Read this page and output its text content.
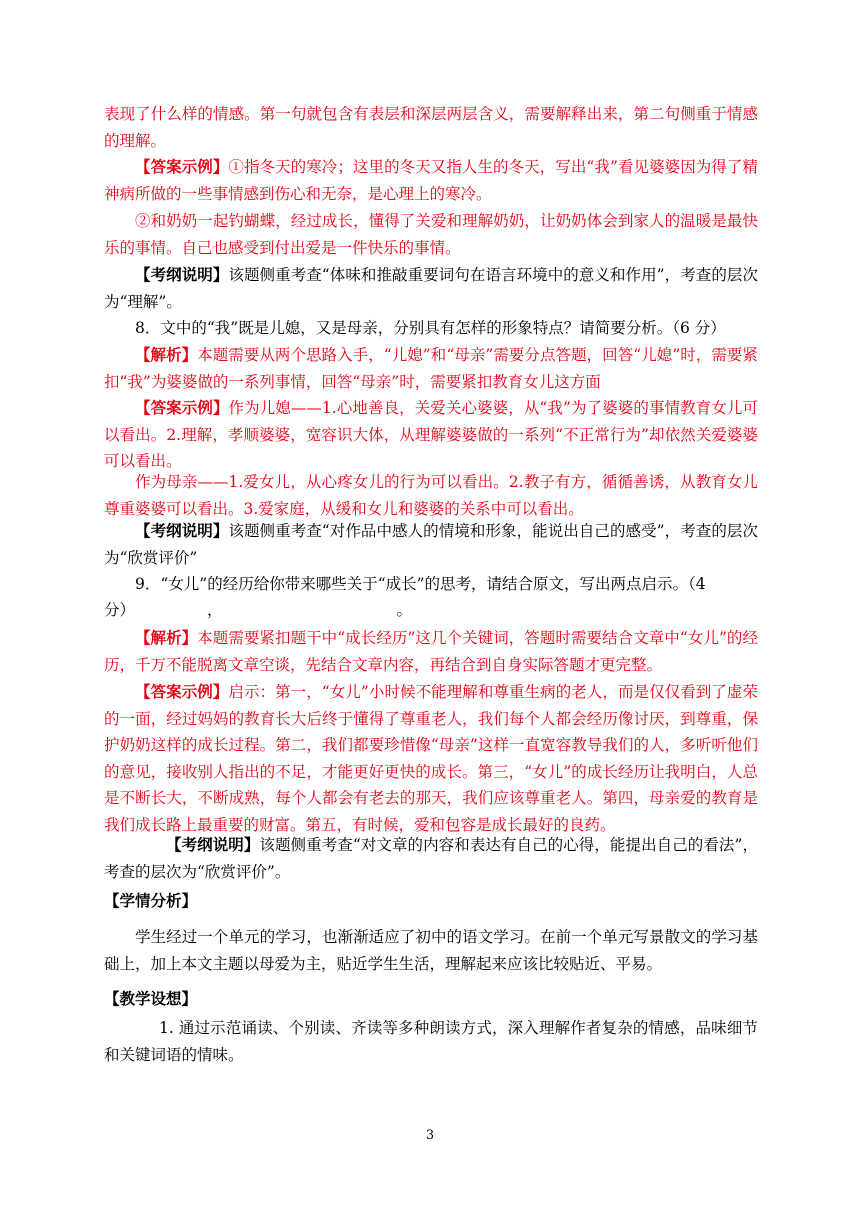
表现了什么样的情感。第一句就包含有表层和深层两层含义，需要解释出来，第二句侧重于情感的理解。

【答案示例】①指冬天的寒冷；这里的冬天又指人生的冬天，写出“我”看见婆婆因为得了精神病所做的一些事情感到伤心和无奈，是心理上的寒冷。

②和奶奶一起钓蝴蝶，经过成长，懂得了关爱和理解奶奶，让奶奶体会到家人的温暖是最快乐的事情。自己也感受到付出爱是一件快乐的事情。

【考纲说明】该题侧重考查“体味和推敲重要词句在语言环境中的意义和作用”，考查的层次为“理解”。

8．文中的“我”既是儿媳，又是母亲，分别具有怎样的形象特点？请简要分析。（6 分）

【解析】本题需要从两个思路入手，“儿媳”和“母亲”需要分点答题，回答“儿媳”时，需要紧扣“我”为婆婆做的一系列事情，回答“母亲”时，需要紧扣教育女儿这方面

【答案示例】作为儿媳——1.心地善良，关爱关心婆婆，从“我”为了婆婆的事情教育女儿可以看出。2.理解，孝顺婆婆，宽容识大体，从理解婆婆做的一系列“不正常行为”却依然关爱婆婆可以看出。

作为母亲——1.爱女儿，从心疼女儿的行为可以看出。2.教子有方，循循善诱，从教育女儿尊重婆婆可以看出。3.爱家庭，从缓和女儿和婆婆的关系中可以看出。

【考纲说明】该题侧重考查“对作品中感人的情境和形象，能说出自己的感受”，考查的层次为“欣赏评价”

9．“女儿”的经历给你带来哪些关于“成长”的思考，请结合原文，写出两点启示。（4

分）	，	。

【解析】本题需要紧扣题干中“成长经历”这几个关键词，答题时需要结合文章中“女儿”的经历，千万不能脱离文章空谈，先结合文章内容，再结合到自身实际答题才更完整。

【答案示例】启示：第一，“女儿”小时候不能理解和尊重生病的老人，而是仅仅看到了虚荣的一面，经过妈妈的教育长大后终于懂得了尊重老人，我们每个人都会经历像讨厌，到尊重，保护奶奶这样的成长过程。第二，我们都要珍惜像“母亲”这样一直宽容教导我们的人，多听听他们的意见，接收别人指出的不足，才能更好更快的成长。第三，“女儿”的成长经历让我明白，人总是不断长大，不断成熟，每个人都会有老去的那天，我们应该尊重老人。第四，母亲爱的教育是我们成长路上最重要的财富。第五，有时候，爱和包容是成长最好的良药。

【考纲说明】该题侧重考查“对文章的内容和表达有自己的心得，能提出自己的看法”，考查的层次为“欣赏评价”。

【学情分析】

学生经过一个单元的学习，也渐渐适应了初中的语文学习。在前一个单元写景散文的学习基础上，加上本文主题以母爱为主，贴近学生生活，理解起来应该比较贴近、平易。

【教学设想】

1. 通过示范诵读、个别读、齐读等多种朗读方式，深入理解作者复杂的情感，品味细节和关键词语的情味。

3
